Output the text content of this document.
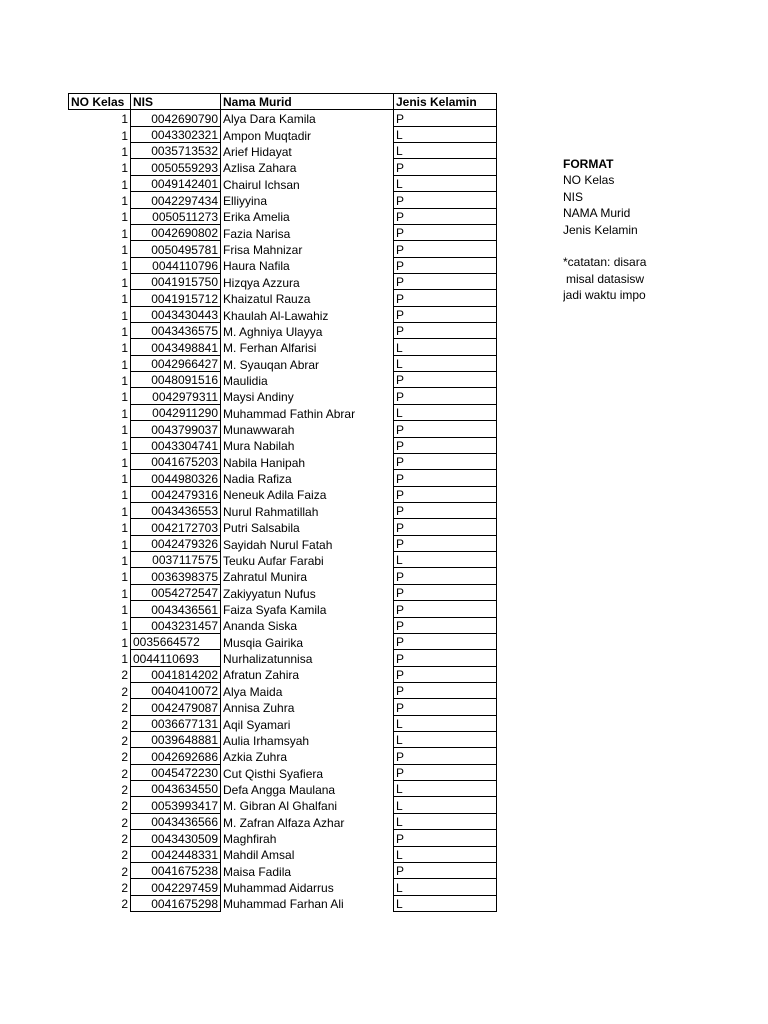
NO Kelas	NIS	Nama Murid	Jenis Kelamin
1	0042690790	Alya Dara Kamila	P
1	0043302321	Ampon Muqtadir	L
1	0035713532	Arief Hidayat	L
1	0050559293	Azlisa Zahara	P
1	0049142401	Chairul Ichsan	L
1	0042297434	Elliyyina	P
1	0050511273	Erika Amelia	P
1	0042690802	Fazia Narisa	P
1	0050495781	Frisa Mahnizar	P
1	0044110796	Haura Nafila	P
1	0041915750	Hizqya Azzura	P
1	0041915712	Khaizatul Rauza	P
1	0043430443	Khaulah Al-Lawahiz	P
1	0043436575	M. Aghniya Ulayya	P
1	0043498841	M. Ferhan Alfarisi	L
1	0042966427	M. Syauqan Abrar	L
1	0048091516	Maulidia	P
1	0042979311	Maysi Andiny	P
1	0042911290	Muhammad Fathin Abrar	L
1	0043799037	Munawwarah	P
1	0043304741	Mura Nabilah	P
1	0041675203	Nabila Hanipah	P
1	0044980326	Nadia Rafiza	P
1	0042479316	Neneuk Adila Faiza	P
1	0043436553	Nurul Rahmatillah	P
1	0042172703	Putri Salsabila	P
1	0042479326	Sayidah Nurul Fatah	P
1	0037117575	Teuku Aufar Farabi	L
1	0036398375	Zahratul Munira	P
1	0054272547	Zakiyyatun Nufus	P
1	0043436561	Faiza Syafa Kamila	P
1	0043231457	Ananda Siska	P
1	0035664572	Musqia Gairika	P
1	0044110693	Nurhalizatunnisa	P
2	0041814202	Afratun Zahira	P
2	0040410072	Alya Maida	P
2	0042479087	Annisa Zuhra	P
2	0036677131	Aqil Syamari	L
2	0039648881	Aulia Irhamsyah	L
2	0042692686	Azkia Zuhra	P
2	0045472230	Cut Qisthi Syafiera	P
2	0043634550	Defa Angga Maulana	L
2	0053993417	M. Gibran Al Ghalfani	L
2	0043436566	M. Zafran Alfaza Azhar	L
2	0043430509	Maghfirah	P
2	0042448331	Mahdil Amsal	L
2	0041675238	Maisa Fadila	P
2	0042297459	Muhammad Aidarrus	L
2	0041675298	Muhammad Farhan Ali	L
FORMAT
NO Kelas
NIS
NAMA Murid
Jenis Kelamin
*catatan: disara
misal datasisw
jadi waktu impo
